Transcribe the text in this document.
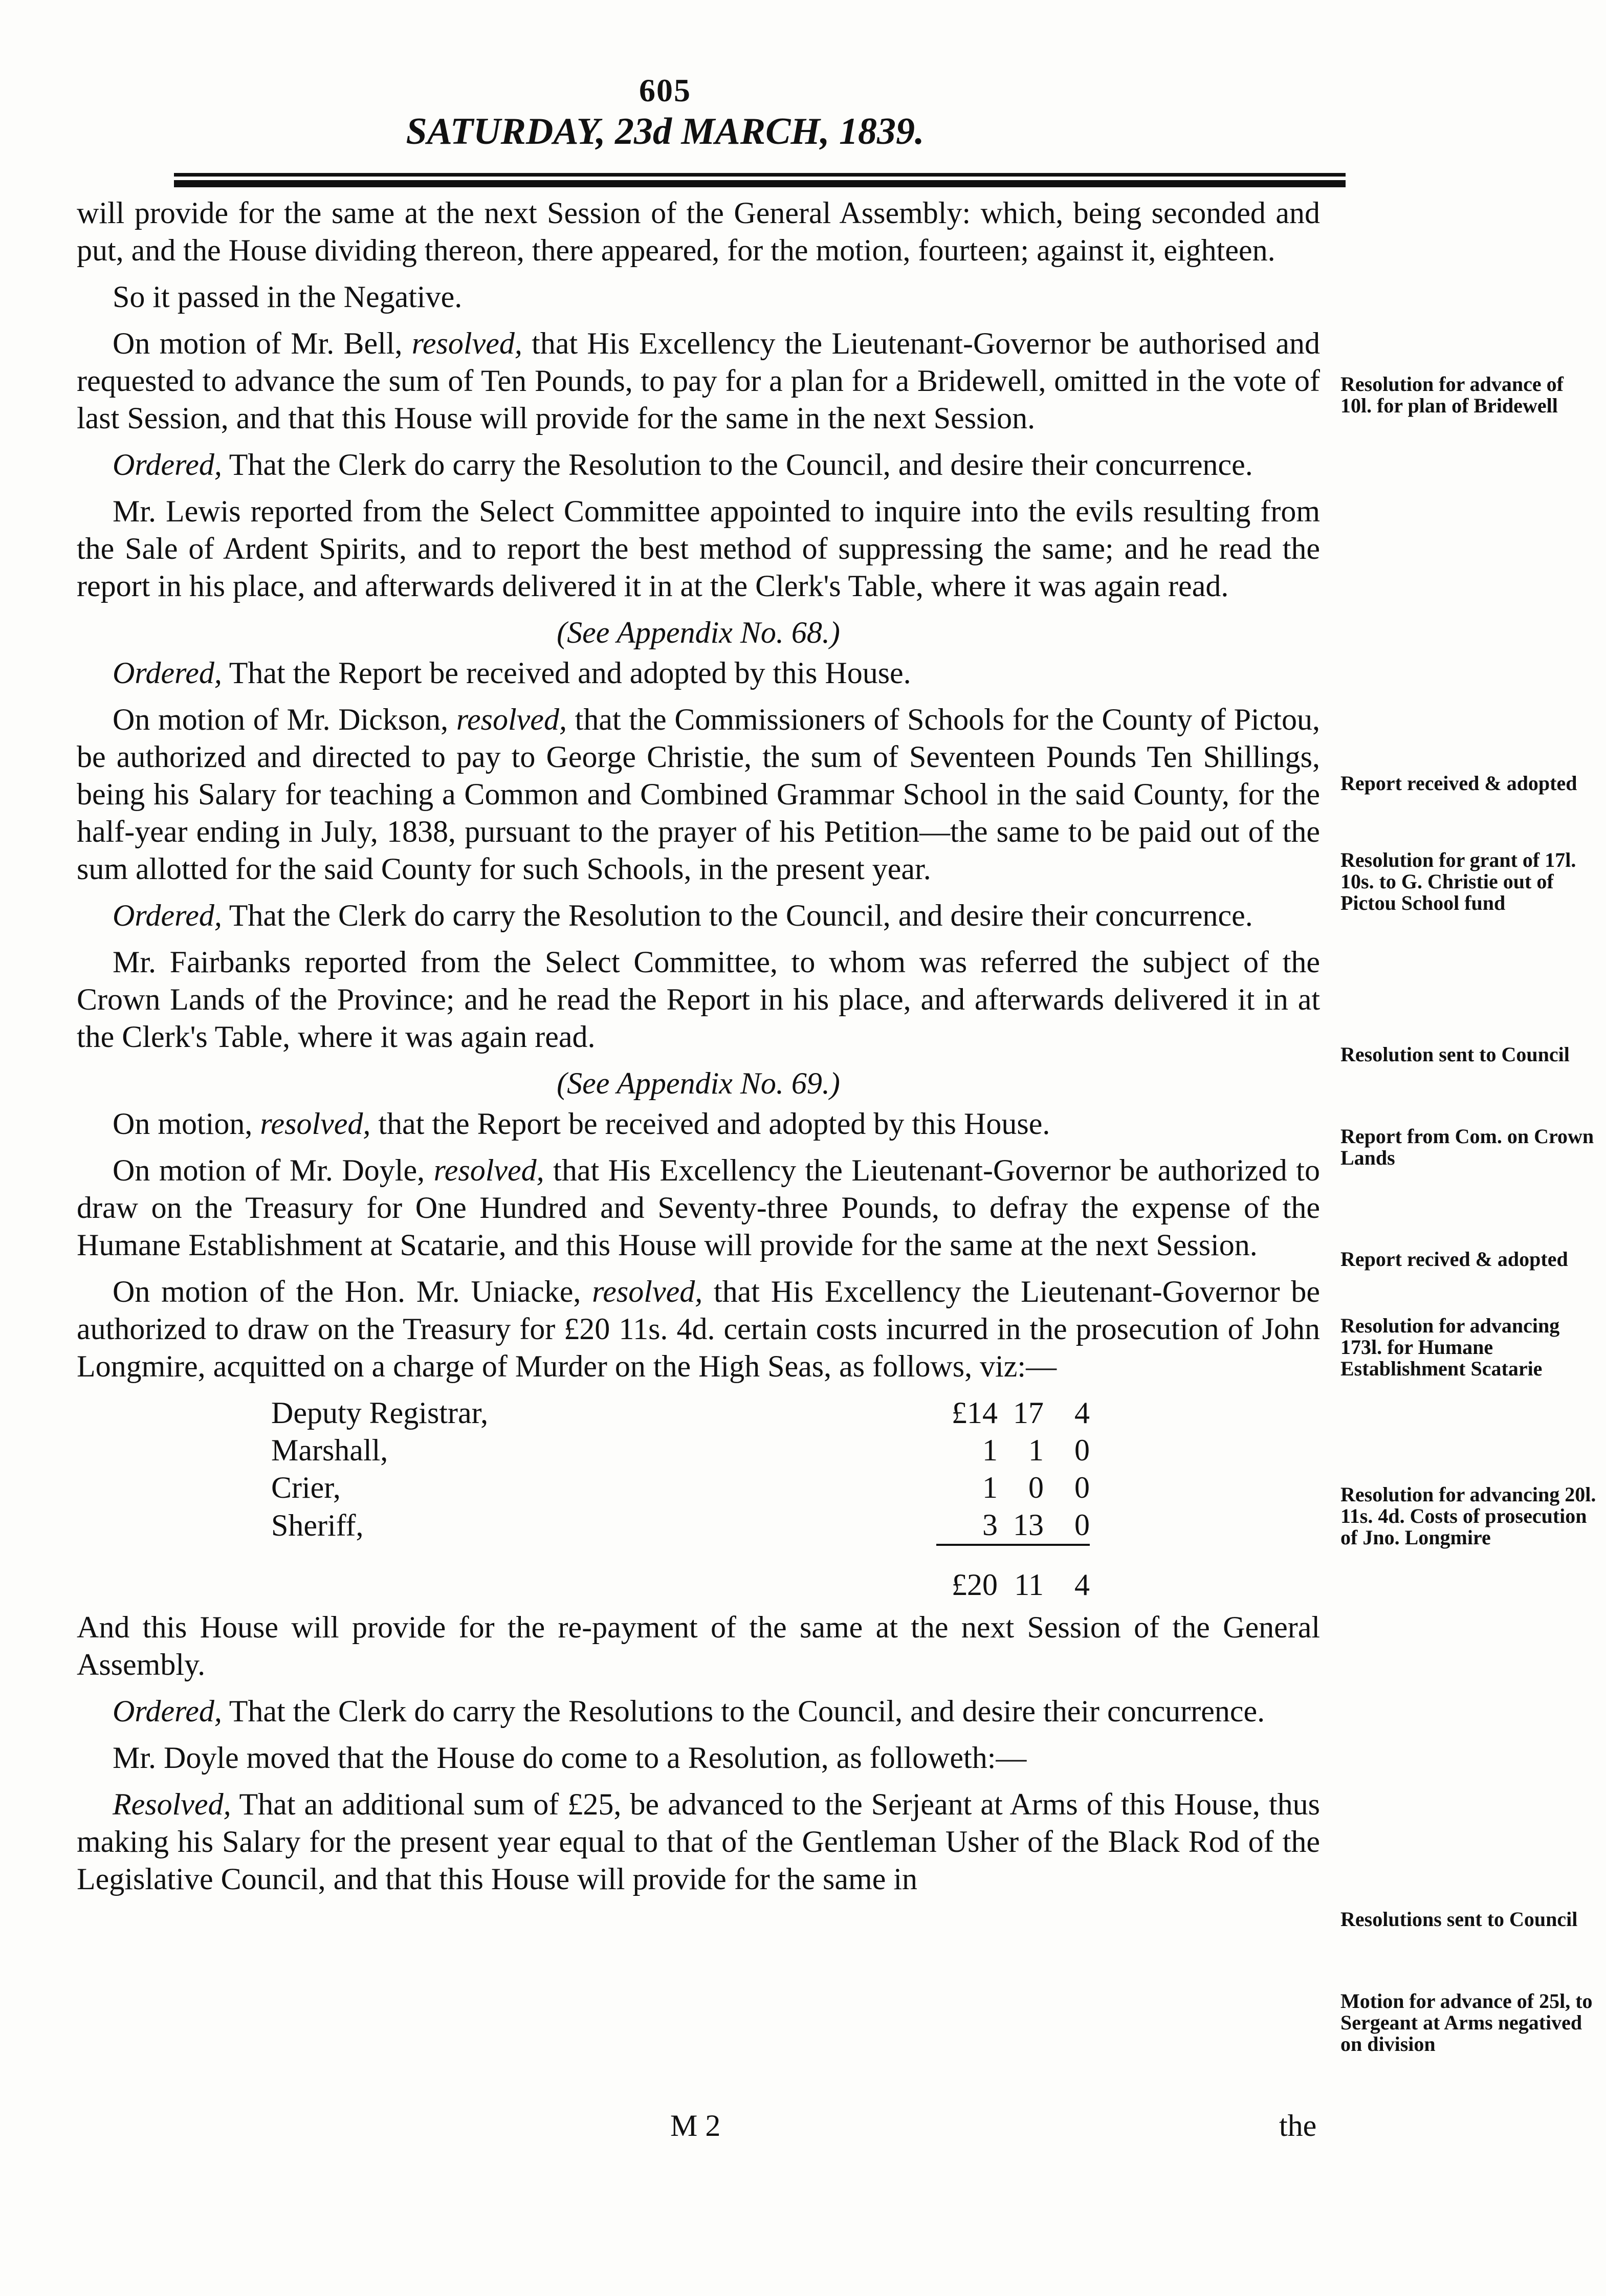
605
SATURDAY, 23d MARCH, 1839.

will provide for the same at the next Session of the General Assembly: which, being seconded and put, and the House dividing thereon, there appeared, for the motion, fourteen; against it, eighteen.

So it passed in the Negative.

On motion of Mr. Bell, resolved, that His Excellency the Lieutenant-Governor be authorised and requested to advance the sum of Ten Pounds, to pay for a plan for a Bridewell, omitted in the vote of last Session, and that this House will provide for the same in the next Session.

Ordered, That the Clerk do carry the Resolution to the Council, and desire their concurrence.

Mr. Lewis reported from the Select Committee appointed to inquire into the evils resulting from the Sale of Ardent Spirits, and to report the best method of suppressing the same; and he read the report in his place, and afterwards delivered it in at the Clerk's Table, where it was again read.

(See Appendix No. 68.)

Ordered, That the Report be received and adopted by this House.

On motion of Mr. Dickson, resolved, that the Commissioners of Schools for the County of Pictou, be authorized and directed to pay to George Christie, the sum of Seventeen Pounds Ten Shillings, being his Salary for teaching a Common and Combined Grammar School in the said County, for the half-year ending in July, 1838, pursuant to the prayer of his Petition—the same to be paid out of the sum allotted for the said County for such Schools, in the present year.

Ordered, That the Clerk do carry the Resolution to the Council, and desire their concurrence.

Mr. Fairbanks reported from the Select Committee, to whom was referred the subject of the Crown Lands of the Province; and he read the Report in his place, and afterwards delivered it in at the Clerk's Table, where it was again read.

(See Appendix No. 69.)

On motion, resolved, that the Report be received and adopted by this House.

On motion of Mr. Doyle, resolved, that His Excellency the Lieutenant-Governor be authorized to draw on the Treasury for One Hundred and Seventy-three Pounds, to defray the expense of the Humane Establishment at Scatarie, and this House will provide for the same at the next Session.

On motion of the Hon. Mr. Uniacke, resolved, that His Excellency the Lieutenant-Governor be authorized to draw on the Treasury for £20 11s. 4d. certain costs incurred in the prosecution of John Longmire, acquitted on a charge of Murder on the High Seas, as follows, viz:—

Deputy Registrar,	£14	17	4
Marshall,	1	1	0
Crier,	1	0	0
Sheriff,	3	13	0
	£20	11	4

And this House will provide for the re-payment of the same at the next Session of the General Assembly.

Ordered, That the Clerk do carry the Resolutions to the Council, and desire their concurrence.

Mr. Doyle moved that the House do come to a Resolution, as followeth:—

Resolved, That an additional sum of £25, be advanced to the Serjeant at Arms of this House, thus making his Salary for the present year equal to that of the Gentleman Usher of the Black Rod of the Legislative Council, and that this House will provide for the same in

Resolution for advance of 10l. for plan of Bridewell
Report received & adopted
Resolution for grant of 17l. 10s. to G. Christie out of Pictou School fund
Resolution sent to Council
Report from Com. on Crown Lands
Report recived & adopted
Resolution for advancing 173l. for Humane Establishment Scatarie
Resolution for advancing 20l. 11s. 4d. Costs of prosecution of Jno. Longmire
Resolutions sent to Council
Motion for advance of 25l, to Sergeant at Arms negatived on division
M 2	the
